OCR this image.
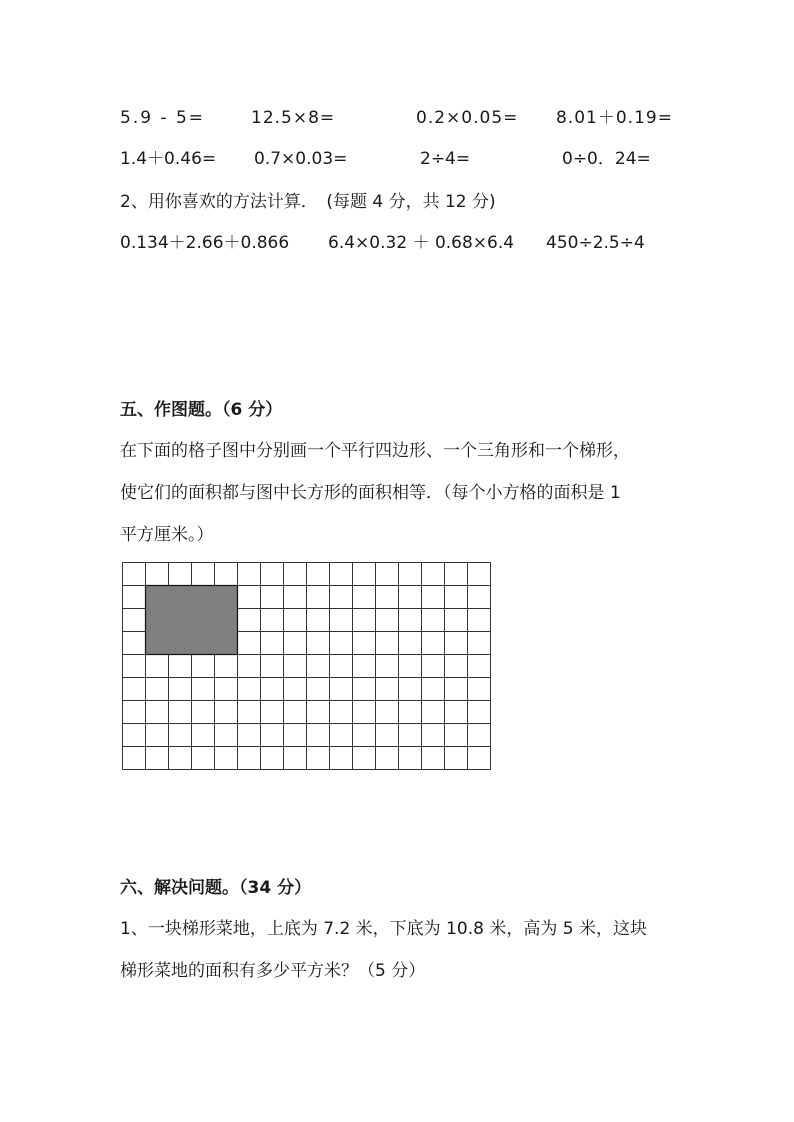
5.9 - 5=	12.5×8=	0.2×0.05= 8.01＋0.19=
1.4＋0.46= 0.7×0.03=	2÷4=	0÷0．24=
2、用你喜欢的方法计算．　(每题 4 分，共 12 分)
0.134＋2.66＋0.866 6.4×0.32 ＋ 0.68×6.4 450÷2.5÷4
五、作图题。（6 分）
在下面的格子图中分别画一个平行四边形、一个三角形和一个梯形，
使它们的面积都与图中长方形的面积相等．（每个小方格的面积是 1
平方厘米。）
六、解决问题。（34 分）
1、一块梯形菜地，上底为 7.2 米，下底为 10.8 米，高为 5 米，这块
梯形菜地的面积有多少平方米？（5 分）
